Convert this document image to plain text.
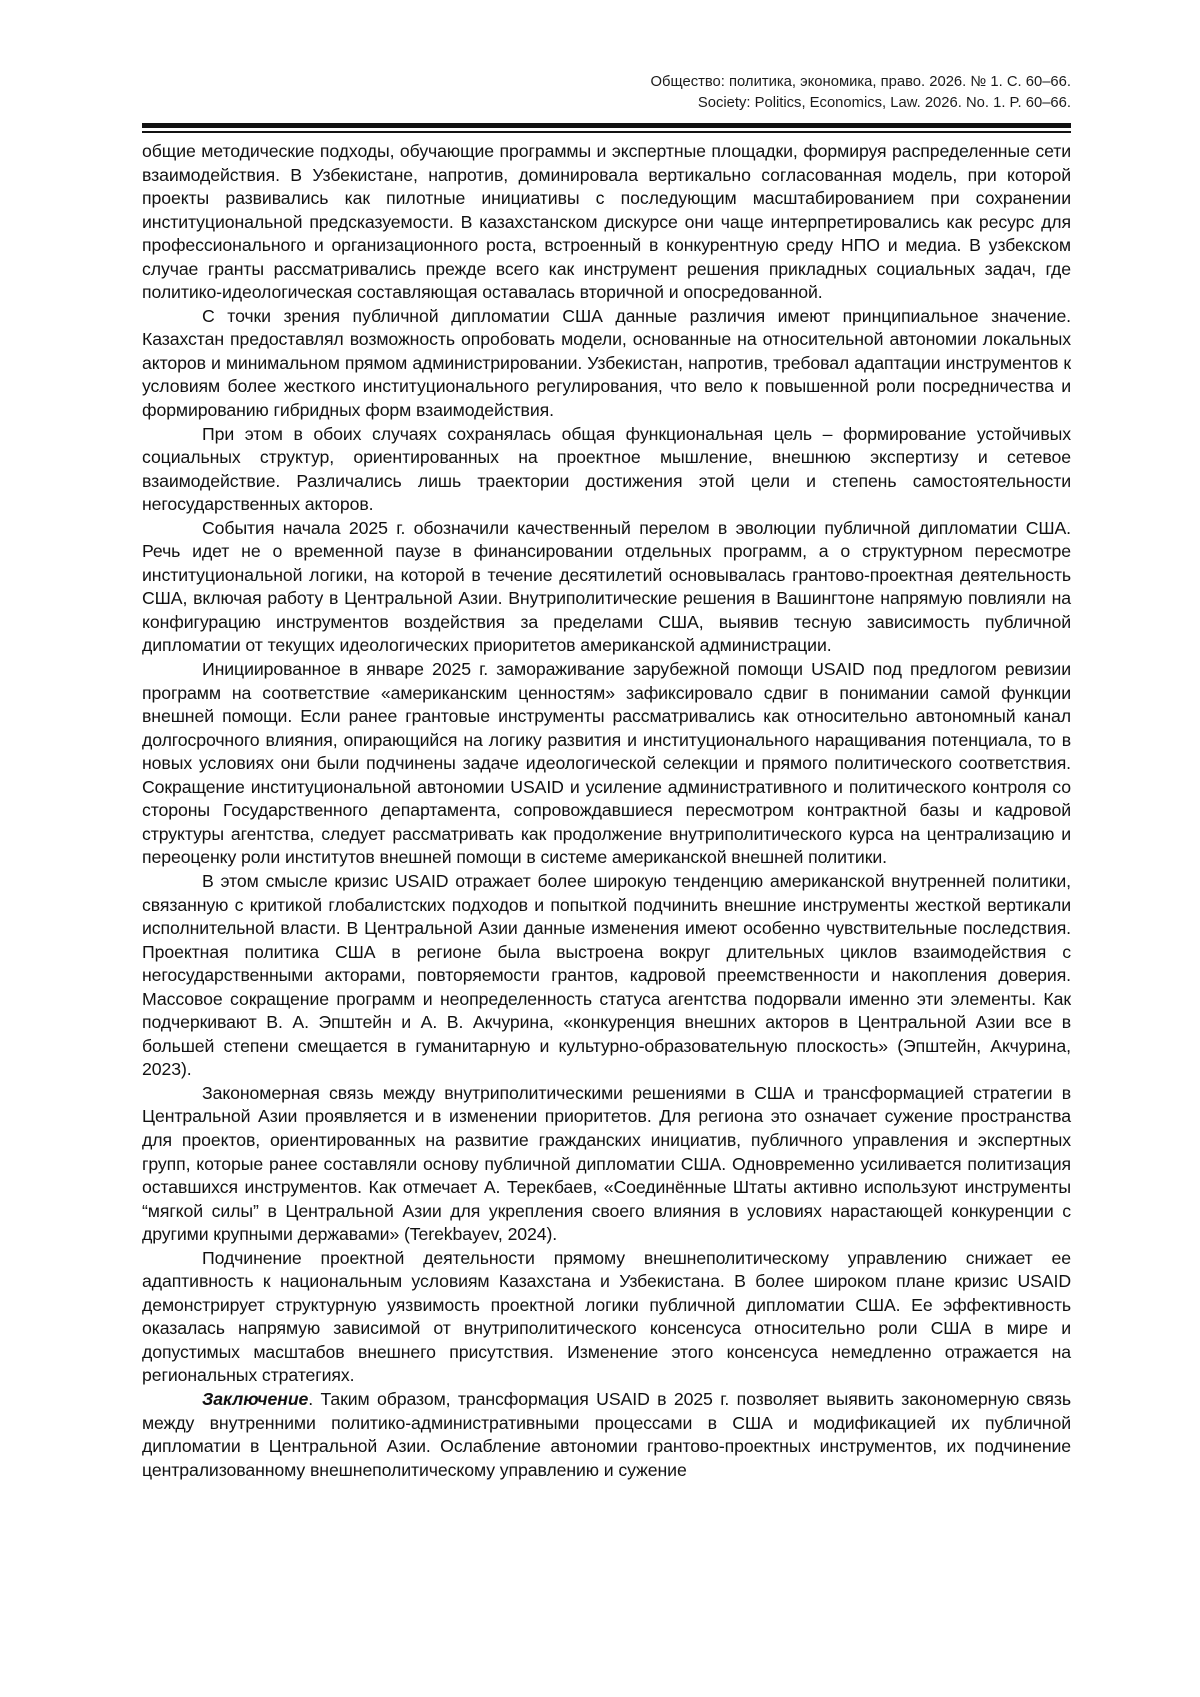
Общество: политика, экономика, право. 2026. № 1. С. 60–66.
Society: Politics, Economics, Law. 2026. No. 1. P. 60–66.

общие методические подходы, обучающие программы и экспертные площадки, формируя распределенные сети взаимодействия. В Узбекистане, напротив, доминировала вертикально согласованная модель, при которой проекты развивались как пилотные инициативы с последующим масштабированием при сохранении институциональной предсказуемости. В казахстанском дискурсе они чаще интерпретировались как ресурс для профессионального и организационного роста, встроенный в конкурентную среду НПО и медиа. В узбекском случае гранты рассматривались прежде всего как инструмент решения прикладных социальных задач, где политико-идеологическая составляющая оставалась вторичной и опосредованной.

С точки зрения публичной дипломатии США данные различия имеют принципиальное значение. Казахстан предоставлял возможность опробовать модели, основанные на относительной автономии локальных акторов и минимальном прямом администрировании. Узбекистан, напротив, требовал адаптации инструментов к условиям более жесткого институционального регулирования, что вело к повышенной роли посредничества и формированию гибридных форм взаимодействия.

При этом в обоих случаях сохранялась общая функциональная цель – формирование устойчивых социальных структур, ориентированных на проектное мышление, внешнюю экспертизу и сетевое взаимодействие. Различались лишь траектории достижения этой цели и степень самостоятельности негосударственных акторов.

События начала 2025 г. обозначили качественный перелом в эволюции публичной дипломатии США. Речь идет не о временной паузе в финансировании отдельных программ, а о структурном пересмотре институциональной логики, на которой в течение десятилетий основывалась грантово-проектная деятельность США, включая работу в Центральной Азии. Внутриполитические решения в Вашингтоне напрямую повлияли на конфигурацию инструментов воздействия за пределами США, выявив тесную зависимость публичной дипломатии от текущих идеологических приоритетов американской администрации.

Инициированное в январе 2025 г. замораживание зарубежной помощи USAID под предлогом ревизии программ на соответствие «американским ценностям» зафиксировало сдвиг в понимании самой функции внешней помощи. Если ранее грантовые инструменты рассматривались как относительно автономный канал долгосрочного влияния, опирающийся на логику развития и институционального наращивания потенциала, то в новых условиях они были подчинены задаче идеологической селекции и прямого политического соответствия. Сокращение институциональной автономии USAID и усиление административного и политического контроля со стороны Государственного департамента, сопровождавшиеся пересмотром контрактной базы и кадровой структуры агентства, следует рассматривать как продолжение внутриполитического курса на централизацию и переоценку роли институтов внешней помощи в системе американской внешней политики.

В этом смысле кризис USAID отражает более широкую тенденцию американской внутренней политики, связанную с критикой глобалистских подходов и попыткой подчинить внешние инструменты жесткой вертикали исполнительной власти. В Центральной Азии данные изменения имеют особенно чувствительные последствия. Проектная политика США в регионе была выстроена вокруг длительных циклов взаимодействия с негосударственными акторами, повторяемости грантов, кадровой преемственности и накопления доверия. Массовое сокращение программ и неопределенность статуса агентства подорвали именно эти элементы. Как подчеркивают В. А. Эпштейн и А. В. Акчурина, «конкуренция внешних акторов в Центральной Азии все в большей степени смещается в гуманитарную и культурно-образовательную плоскость» (Эпштейн, Акчурина, 2023).

Закономерная связь между внутриполитическими решениями в США и трансформацией стратегии в Центральной Азии проявляется и в изменении приоритетов. Для региона это означает сужение пространства для проектов, ориентированных на развитие гражданских инициатив, публичного управления и экспертных групп, которые ранее составляли основу публичной дипломатии США. Одновременно усиливается политизация оставшихся инструментов. Как отмечает А. Терекбаев, «Соединённые Штаты активно используют инструменты “мягкой силы” в Центральной Азии для укрепления своего влияния в условиях нарастающей конкуренции с другими крупными державами» (Terekbayev, 2024).

Подчинение проектной деятельности прямому внешнеполитическому управлению снижает ее адаптивность к национальным условиям Казахстана и Узбекистана. В более широком плане кризис USAID демонстрирует структурную уязвимость проектной логики публичной дипломатии США. Ее эффективность оказалась напрямую зависимой от внутриполитического консенсуса относительно роли США в мире и допустимых масштабов внешнего присутствия. Изменение этого консенсуса немедленно отражается на региональных стратегиях.

Заключение. Таким образом, трансформация USAID в 2025 г. позволяет выявить закономерную связь между внутренними политико-административными процессами в США и модификацией их публичной дипломатии в Центральной Азии. Ослабление автономии грантово-проектных инструментов, их подчинение централизованному внешнеполитическому управлению и сужение
